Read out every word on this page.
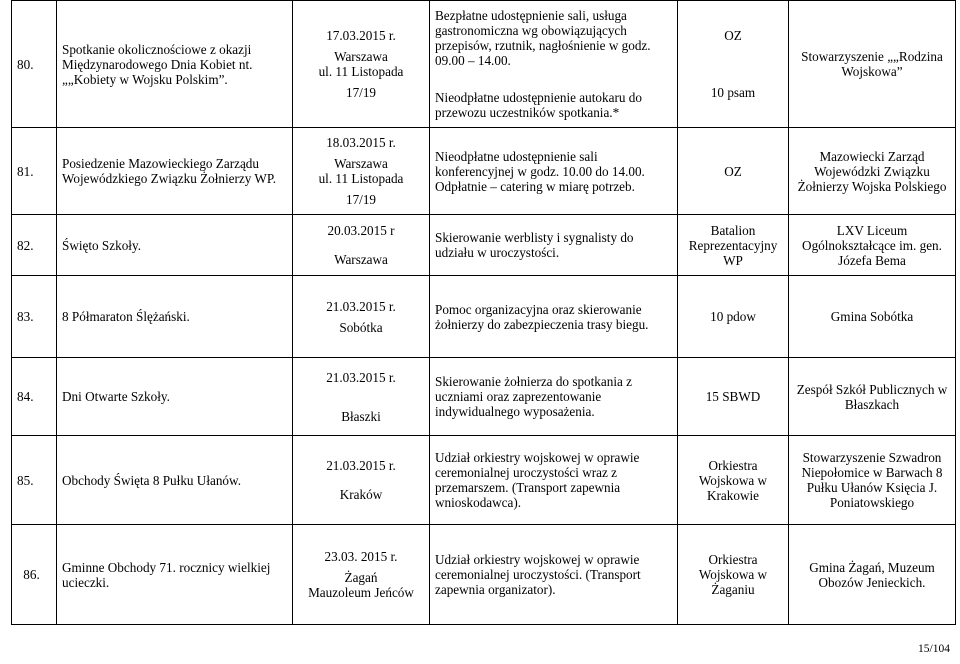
80.	Spotkanie okolicznościowe z okazji Międzynarodowego Dnia Kobiet nt. „„Kobiety w Wojsku Polskim”.	17.03.2015 r.
Warszawa
ul. 11 Listopada
17/19	Bezpłatne udostępnienie sali, usługa gastronomiczna wg obowiązujących przepisów, rzutnik, nagłośnienie w godz. 09.00 – 14.00.
Nieodpłatne udostępnienie autokaru do przewozu uczestników spotkania.*	OZ
10 psam	Stowarzyszenie „„Rodzina Wojskowa”
81.	Posiedzenie Mazowieckiego Zarządu Wojewódzkiego Związku Żołnierzy WP.	18.03.2015 r.
Warszawa
ul. 11 Listopada
17/19	Nieodpłatne udostępnienie sali konferencyjnej w godz. 10.00 do 14.00. Odpłatnie – catering w miarę potrzeb.	OZ	Mazowiecki Zarząd Wojewódzki Związku Żołnierzy Wojska Polskiego
82.	Święto Szkoły.	20.03.2015 r
Warszawa	Skierowanie werblisty i sygnalisty do udziału w uroczystości.	Batalion Reprezentacyjny WP	LXV Liceum Ogólnokształcące im. gen. Józefa Bema
83.	8 Półmaraton Ślężański.	21.03.2015 r.
Sobótka	Pomoc organizacyjna oraz skierowanie żołnierzy do zabezpieczenia trasy biegu.	10 pdow	Gmina Sobótka
84.	Dni Otwarte Szkoły.	21.03.2015 r.
Błaszki	Skierowanie żołnierza do spotkania z uczniami oraz zaprezentowanie indywidualnego wyposażenia.	15 SBWD	Zespół Szkół Publicznych w Błaszkach
85.	Obchody Święta 8 Pułku Ułanów.	21.03.2015 r.
Kraków	Udział orkiestry wojskowej w oprawie ceremonialnej uroczystości wraz z przemarszem. (Transport zapewnia wnioskodawca).	Orkiestra Wojskowa w Krakowie	Stowarzyszenie Szwadron Niepołomice w Barwach 8 Pułku Ułanów Księcia J. Poniatowskiego
86.	Gminne Obchody 71. rocznicy wielkiej ucieczki.	23.03. 2015 r.
Żagań
Mauzoleum Jeńców	Udział orkiestry wojskowej w oprawie ceremonialnej uroczystości. (Transport zapewnia organizator).	Orkiestra Wojskowa w Żaganiu	Gmina Żagań, Muzeum Obozów Jenieckich.
15/104
